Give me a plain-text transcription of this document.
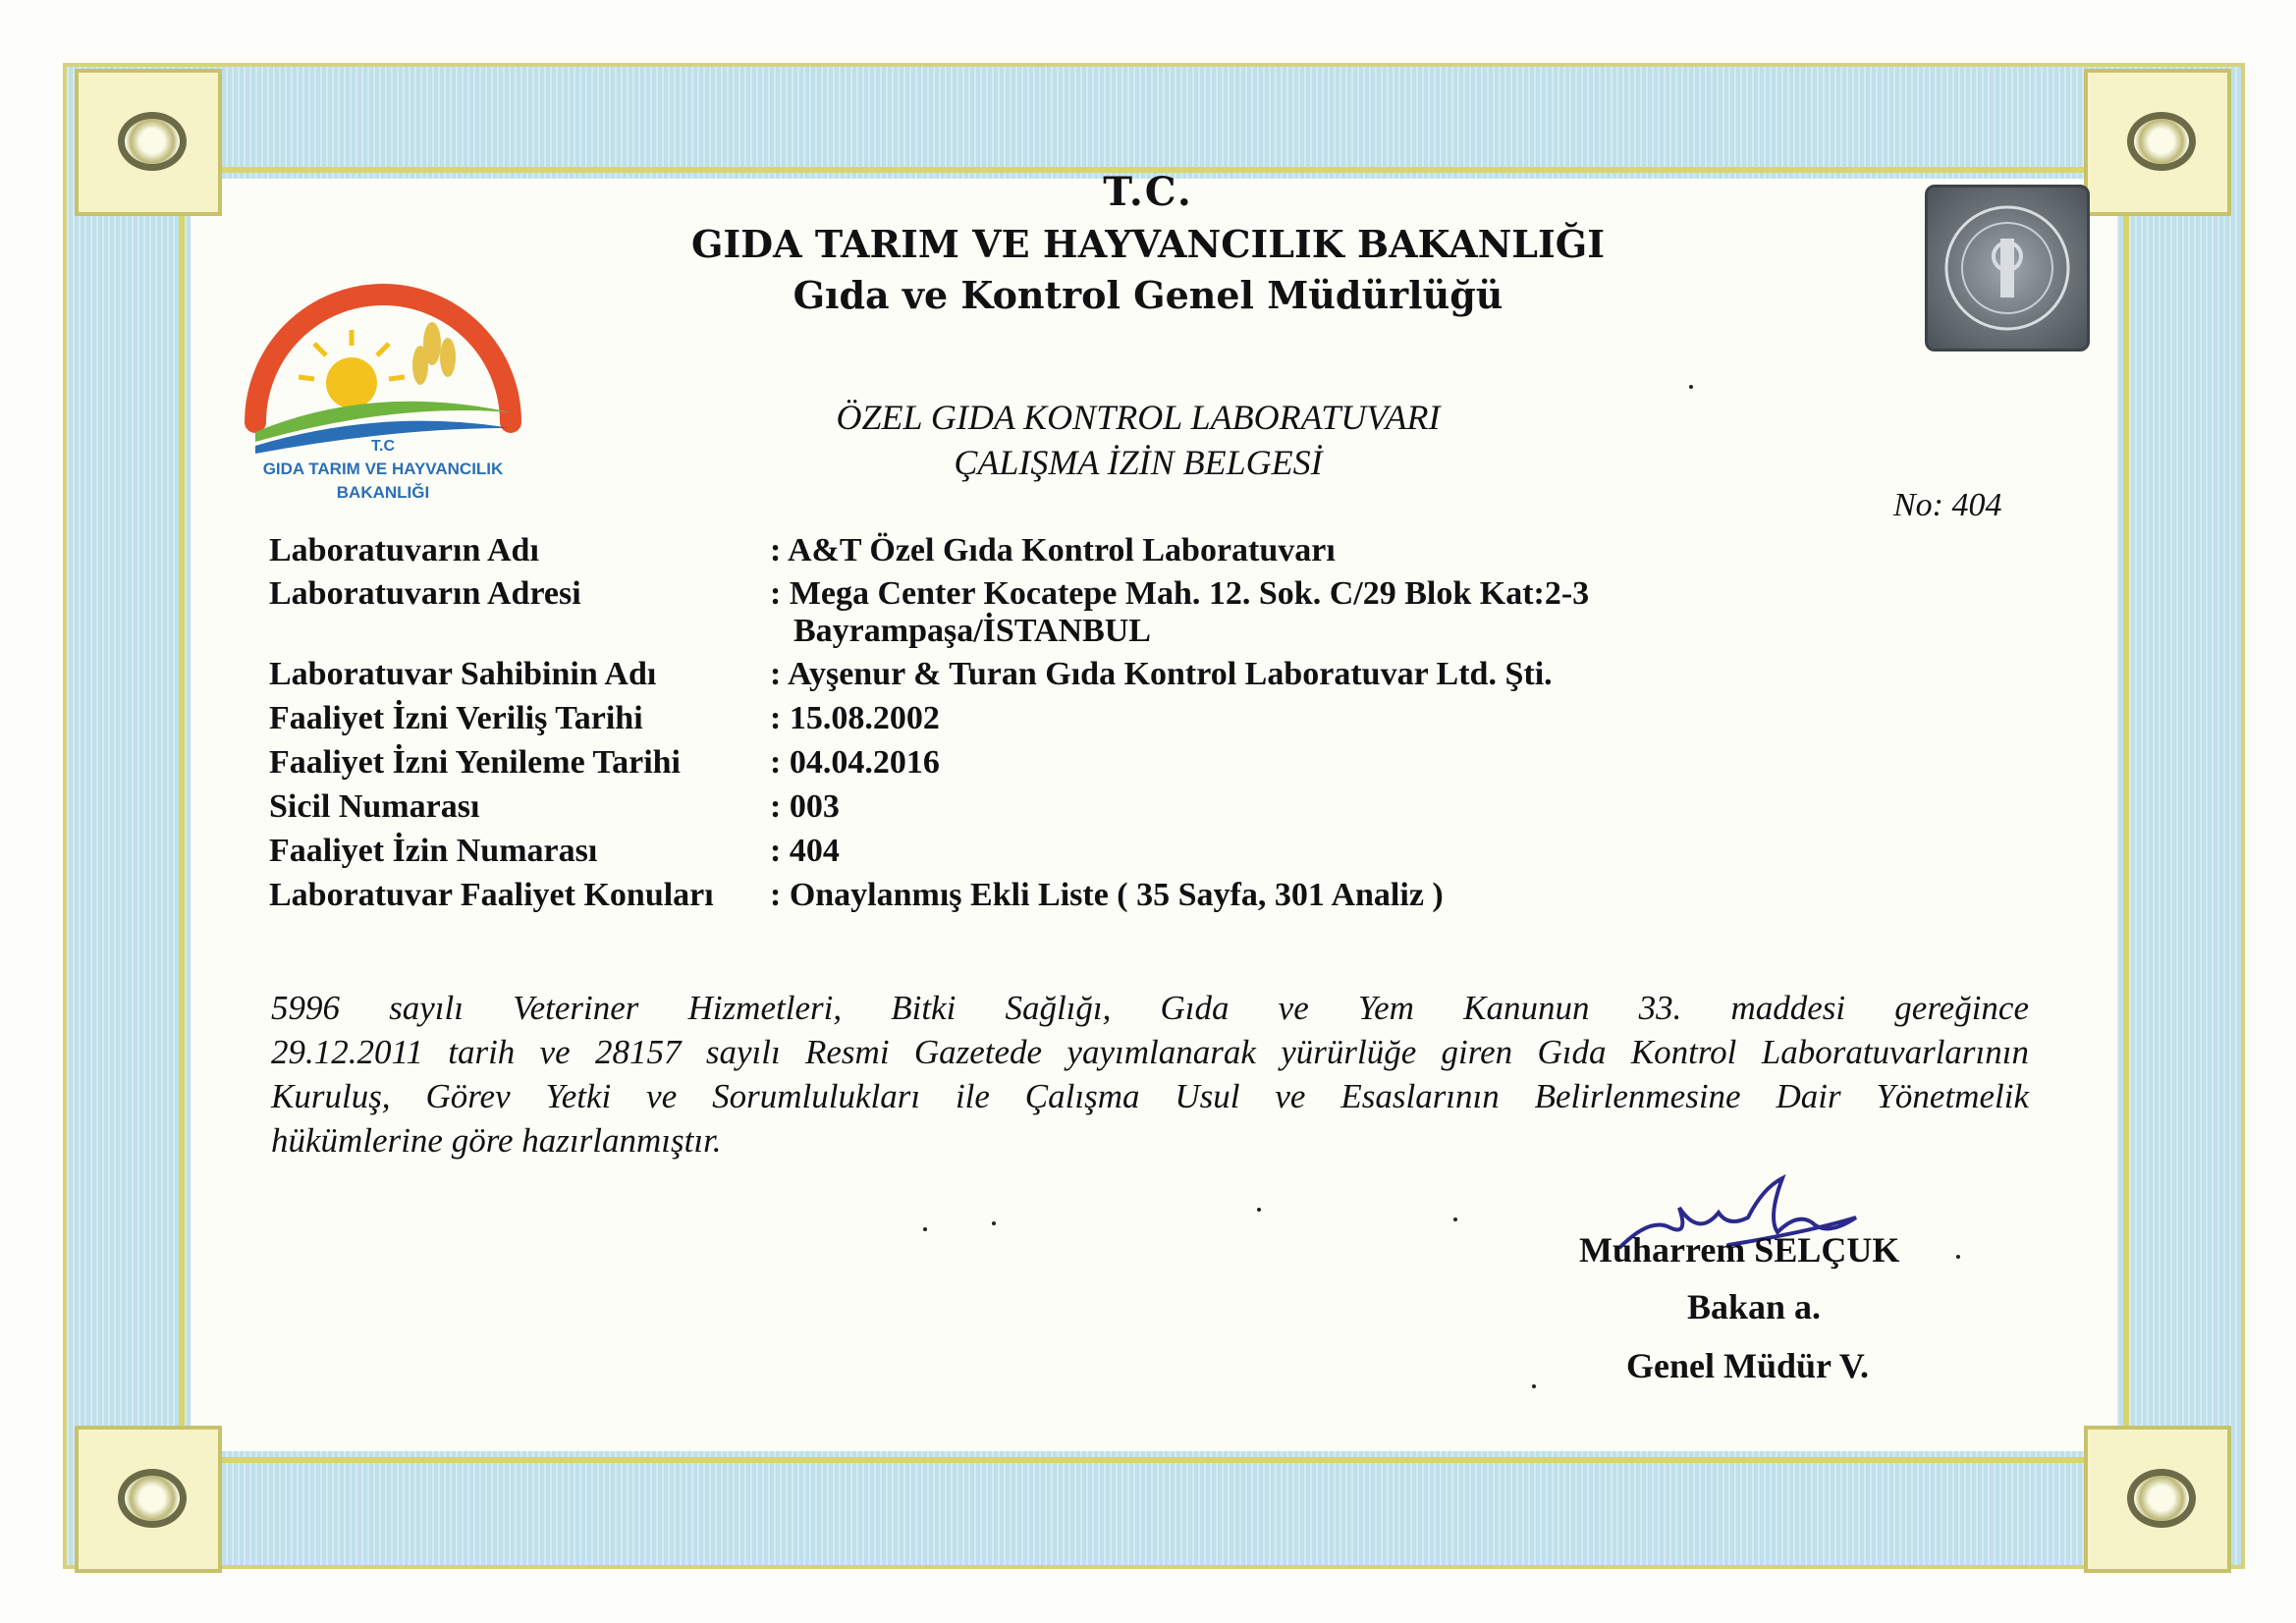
T.C
GIDA TARIM VE HAYVANCILIK
BAKANLIĞI
T.C.
GIDA TARIM VE HAYVANCILIK BAKANLIĞI
Gıda ve Kontrol Genel Müdürlüğü
ÖZEL GIDA KONTROL LABORATUVARI
ÇALIŞMA İZİN BELGESİ
No: 404
Laboratuvarın Adı	: A&T Özel Gıda Kontrol Laboratuvarı
Laboratuvarın Adresi	: Mega Center Kocatepe Mah. 12. Sok. C/29 Blok Kat:2-3
Bayrampaşa/İSTANBUL
Laboratuvar Sahibinin Adı	: Ayşenur & Turan Gıda Kontrol Laboratuvar Ltd. Şti.
Faaliyet İzni Veriliş Tarihi	: 15.08.2002
Faaliyet İzni Yenileme Tarihi	: 04.04.2016
Sicil Numarası	: 003
Faaliyet İzin Numarası	: 404
Laboratuvar Faaliyet Konuları : Onaylanmış Ekli Liste ( 35 Sayfa, 301 Analiz )
5996 sayılı Veteriner Hizmetleri, Bitki Sağlığı, Gıda ve Yem Kanunun 33. maddesi gereğince
29.12.2011 tarih ve 28157 sayılı Resmi Gazetede yayımlanarak yürürlüğe giren Gıda Kontrol Laboratuvarlarının
Kuruluş, Görev Yetki ve Sorumlulukları ile Çalışma Usul ve Esaslarının Belirlenmesine Dair Yönetmelik
hükümlerine göre hazırlanmıştır.
Muharrem SELÇUK
Bakan a.
Genel Müdür V.
